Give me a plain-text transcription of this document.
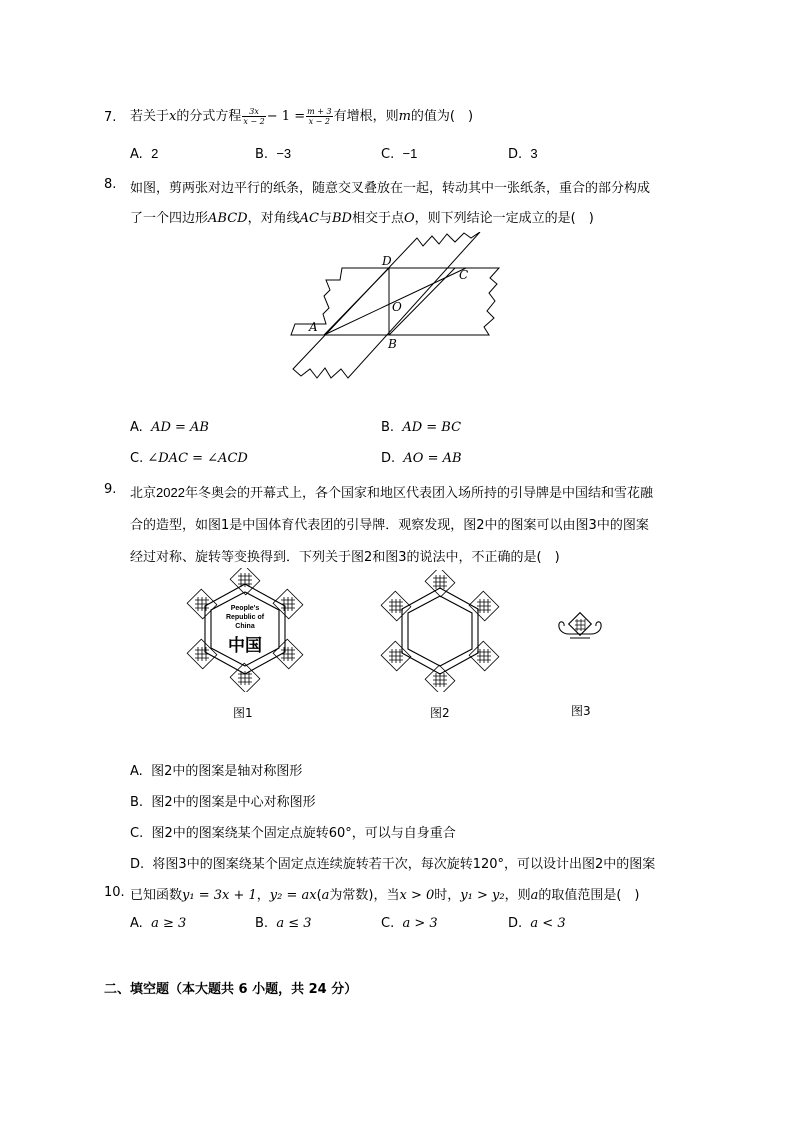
7. 若关于x的分式方程 $\frac{3x}{x - 2} - 1 = \frac{m + 3}{x - 2}$ 有增根，则m的值为(　)
A. 2	B. −3	C. −1	D. 3
8. 如图，剪两张对边平行的纸条，随意交叉叠放在一起，转动其中一张纸条，重合的部分构成
了一个四边形ABCD，对角线AC与BD相交于点O，则下列结论一定成立的是(　)
A
B
C
D
O
A. AD = AB	B. AD = BC
C. ∠DAC = ∠ACD	D. AO = AB
9. 北京2022年冬奥会的开幕式上，各个国家和地区代表团入场所持的引导牌是中国结和雪花融
合的造型，如图1是中国体育代表团的引导牌．观察发现，图2中的图案可以由图3中的图案
经过对称、旋转等变换得到．下列关于图2和图3的说法中，不正确的是(　)
People's
Republic of
China
中国
图1	图2	图3
A. 图2中的图案是轴对称图形
B. 图2中的图案是中心对称图形
C. 图2中的图案绕某个固定点旋转60°，可以与自身重合
D. 将图3中的图案绕某个固定点连续旋转若干次，每次旋转120°，可以设计出图2中的图案
10. 已知函数y₁ = 3x + 1，y₂ = ax(a为常数)，当x > 0时，y₁ > y₂，则a的取值范围是(　)
A. a ≥ 3	B. a ≤ 3	C. a > 3	D. a < 3
二、填空题（本大题共 6 小题，共 24 分）
